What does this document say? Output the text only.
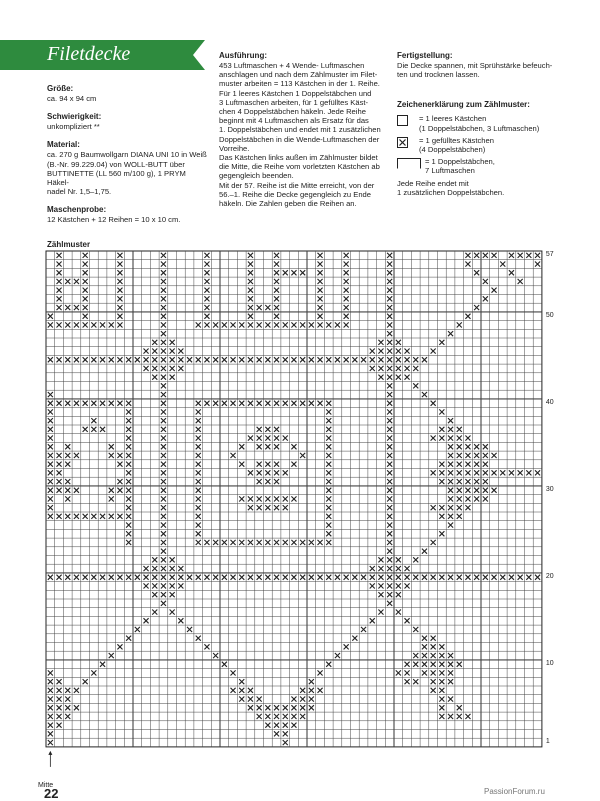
Filetdecke
Größe:
ca. 94 x 94 cm
Schwierigkeit:
unkompliziert **
Material:
ca. 270 g Baumwollgarn DIANA UNI 10 in Weiß
(B.-Nr. 99.229.04) von WOLL-BUTT über
BUTTINETTE (LL 560 m/100 g), 1 PRYM Häkel-
nadel Nr. 1,5–1,75.
Maschenprobe:
12 Kästchen + 12 Reihen = 10 x 10 cm.
Ausführung:
453 Luftmaschen + 4 Wende- Luftmaschen
anschlagen und nach dem Zählmuster im Filet-
muster arbeiten = 113 Kästchen in der 1. Reihe.
Für 1 leeres Kästchen 1 Doppelstäbchen und
3 Luftmaschen arbeiten, für 1 gefülltes Käst-
chen 4 Doppelstäbchen häkeln. Jede Reihe
beginnt mit 4 Luftmaschen als Ersatz für das
1. Doppelstäbchen und endet mit 1 zusätzlichen
Doppelstäbchen in die Wende-Luftmaschen der
Vorreihe.
Das Kästchen links außen im Zählmuster bildet
die Mitte, die Reihe vom vorletzten Kästchen ab
gegengleich beenden.
Mit der 57. Reihe ist die Mitte erreicht, von der
56.–1. Reihe die Decke gegengleich zu Ende
häkeln. Die Zahlen geben die Reihen an.
Fertigstellung:
Die Decke spannen, mit Sprühstärke befeuch-
ten und trocknen lassen.
Zeichenerklärung zum Zählmuster:
= 1 leeres Kästchen
(1 Doppelstäbchen, 3 Luftmaschen)
= 1 gefülltes Kästchen
(4 Doppelstäbchen)
= 1 Doppelstäbchen,
7 Luftmaschen
Jede Reihe endet mit
1 zusätzlichen Doppelstäbchen.
Zählmuster
1
10
20
30
40
50
57
Mitte
22	PassionForum.ru
